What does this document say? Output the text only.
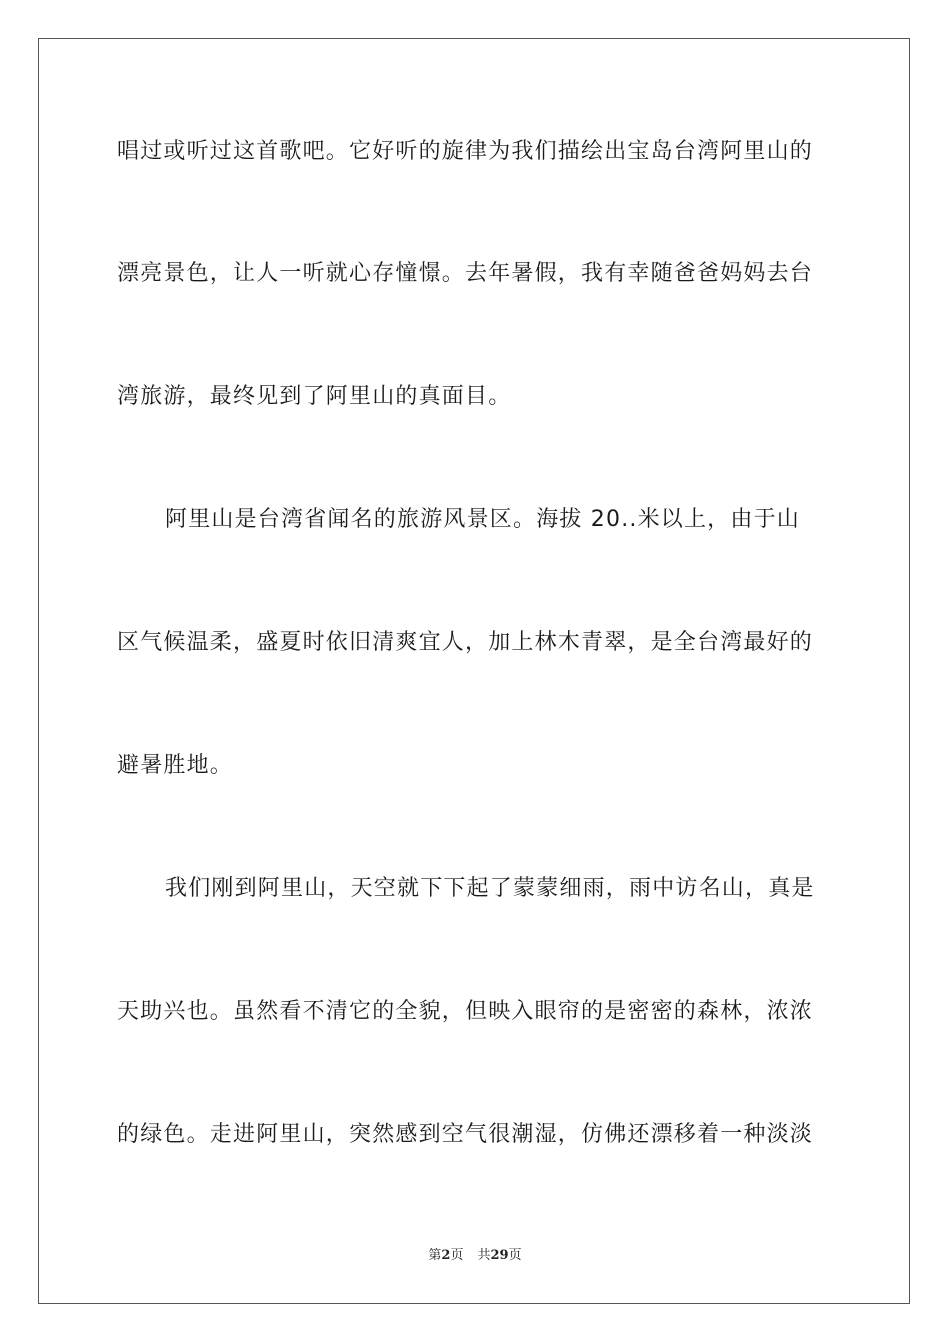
唱过或听过这首歌吧。它好听的旋律为我们描绘出宝岛台湾阿里山的
漂亮景色，让人一听就心存憧憬。去年暑假，我有幸随爸爸妈妈去台
湾旅游，最终见到了阿里山的真面目。
阿里山是台湾省闻名的旅游风景区。海拔 20..米以上，由于山
区气候温柔，盛夏时依旧清爽宜人，加上林木青翠，是全台湾最好的
避暑胜地。
我们刚到阿里山，天空就下下起了蒙蒙细雨，雨中访名山，真是
天助兴也。虽然看不清它的全貌，但映入眼帘的是密密的森林，浓浓
的绿色。走进阿里山，突然感到空气很潮湿，仿佛还漂移着一种淡淡
第2页 共29页
